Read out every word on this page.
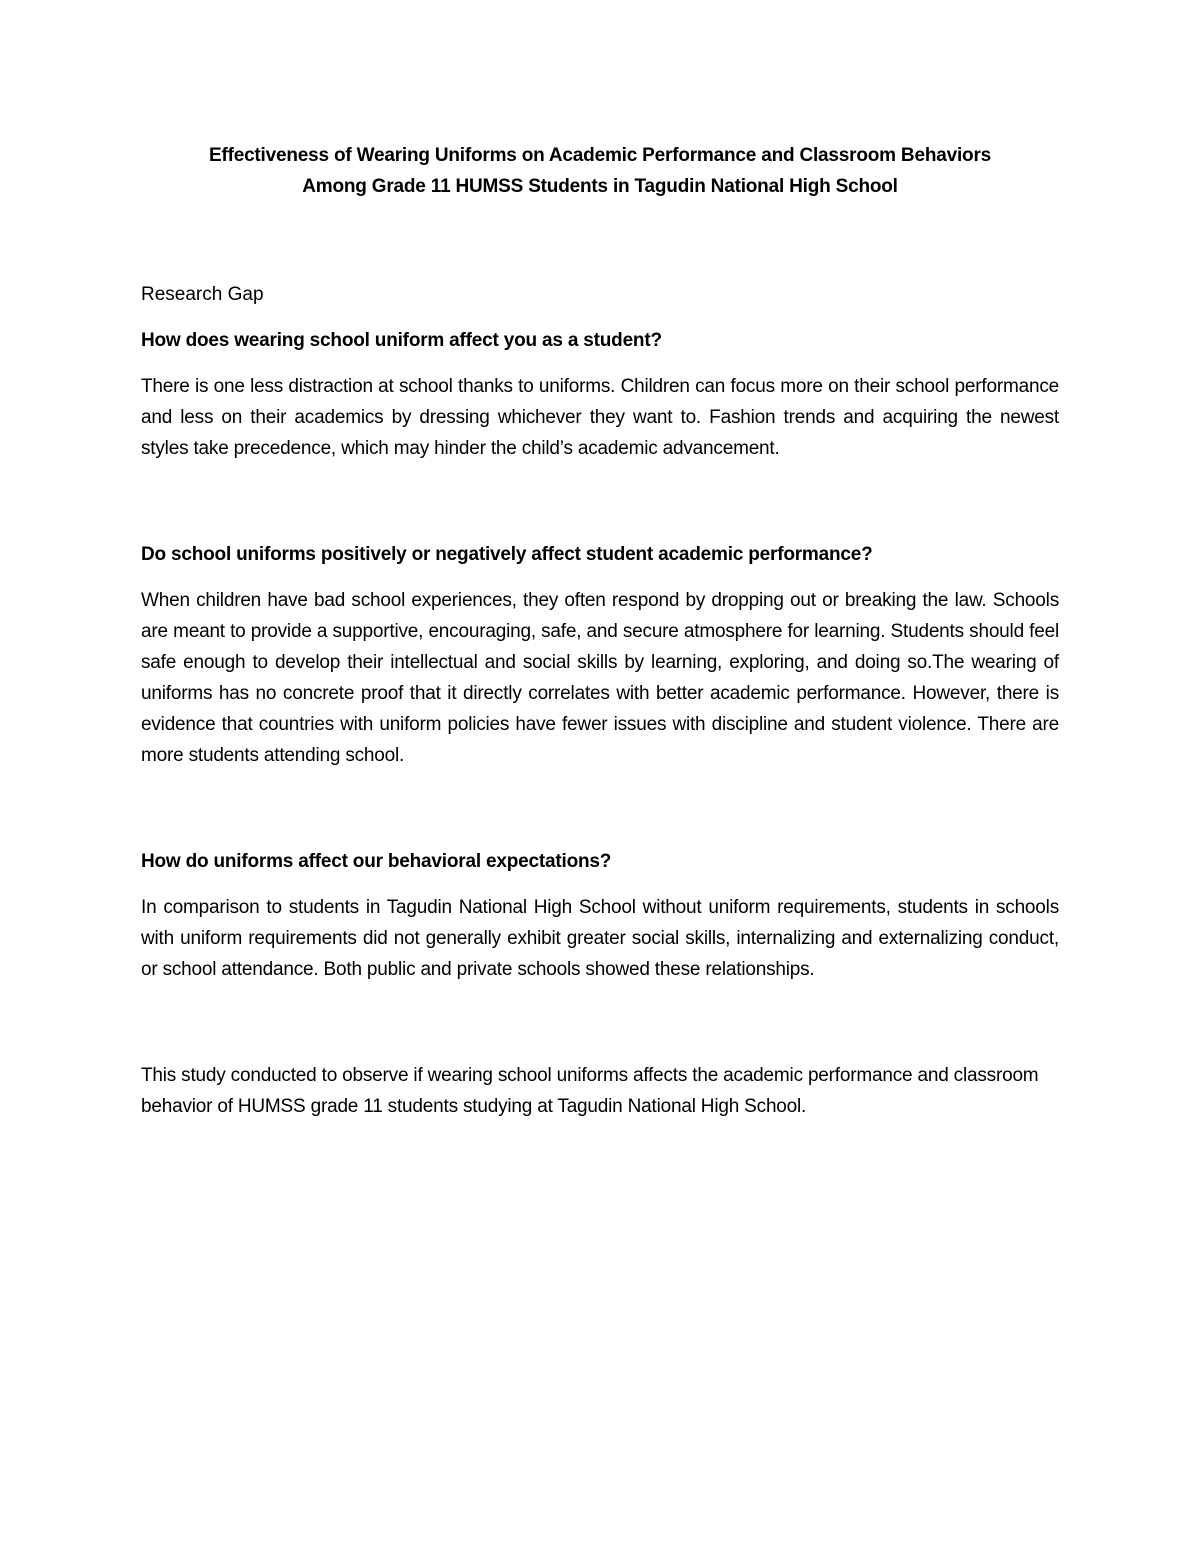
Effectiveness of Wearing Uniforms on Academic Performance and Classroom Behaviors
Among Grade 11 HUMSS Students in Tagudin National High School

Research Gap

How does wearing school uniform affect you as a student?

There is one less distraction at school thanks to uniforms. Children can focus more on their school performance and less on their academics by dressing whichever they want to. Fashion trends and acquiring the newest styles take precedence, which may hinder the child’s academic advancement.

Do school uniforms positively or negatively affect student academic performance?

When children have bad school experiences, they often respond by dropping out or breaking the law. Schools are meant to provide a supportive, encouraging, safe, and secure atmosphere for learning. Students should feel safe enough to develop their intellectual and social skills by learning, exploring, and doing so.The wearing of uniforms has no concrete proof that it directly correlates with better academic performance. However, there is evidence that countries with uniform policies have fewer issues with discipline and student violence. There are more students attending school.

How do uniforms affect our behavioral expectations?

In comparison to students in Tagudin National High School without uniform requirements, students in schools with uniform requirements did not generally exhibit greater social skills, internalizing and externalizing conduct, or school attendance. Both public and private schools showed these relationships.

This study conducted to observe if wearing school uniforms affects the academic performance and classroom behavior of HUMSS grade 11 students studying at Tagudin National High School.
